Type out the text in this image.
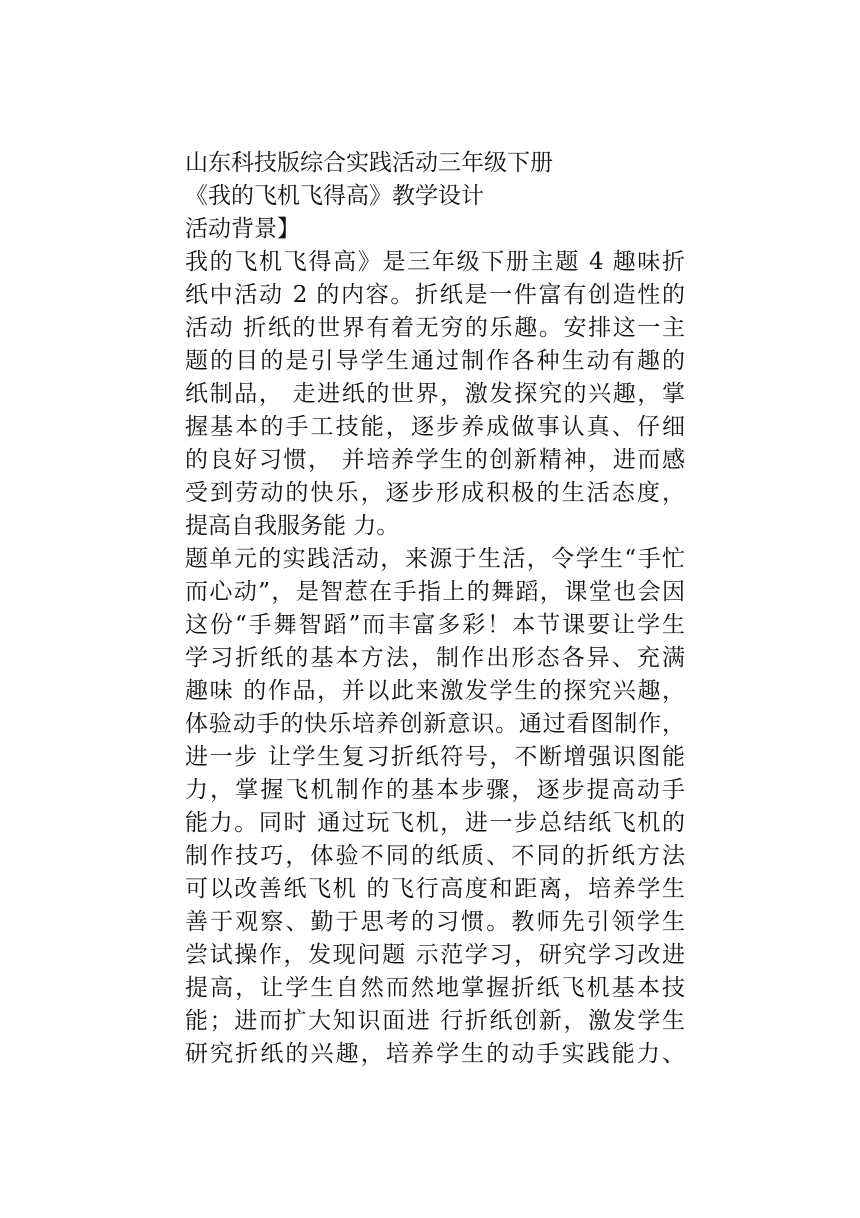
山东科技版综合实践活动三年级下册

《我的飞机飞得高》教学设计

活动背景】

我的飞机飞得高》是三年级下册主题 4 趣味折

纸中活动 2 的内容。折纸是一件富有创造性的

活动 折纸的世界有着无穷的乐趣。安排这一主

题的目的是引导学生通过制作各种生动有趣的

纸制品， 走进纸的世界，激发探究的兴趣，掌

握基本的手工技能，逐步养成做事认真、仔细

的良好习惯， 并培养学生的创新精神，进而感

受到劳动的快乐，逐步形成积极的生活态度，

提高自我服务能 力。

题单元的实践活动，来源于生活，令学生“手忙

而心动”，是智惹在手指上的舞蹈，课堂也会因

这份“手舞智蹈”而丰富多彩！本节课要让学生

学习折纸的基本方法，制作出形态各异、充满

趣味 的作品，并以此来激发学生的探究兴趣，

体验动手的快乐培养创新意识。通过看图制作，

进一步 让学生复习折纸符号，不断增强识图能

力，掌握飞机制作的基本步骤，逐步提高动手

能力。同时 通过玩飞机，进一步总结纸飞机的

制作技巧，体验不同的纸质、不同的折纸方法

可以改善纸飞机 的飞行高度和距离，培养学生

善于观察、勤于思考的习惯。教师先引领学生

尝试操作，发现问题 示范学习，研究学习改进

提高，让学生自然而然地掌握折纸飞机基本技

能；进而扩大知识面进 行折纸创新，激发学生

研究折纸的兴趣，培养学生的动手实践能力、
